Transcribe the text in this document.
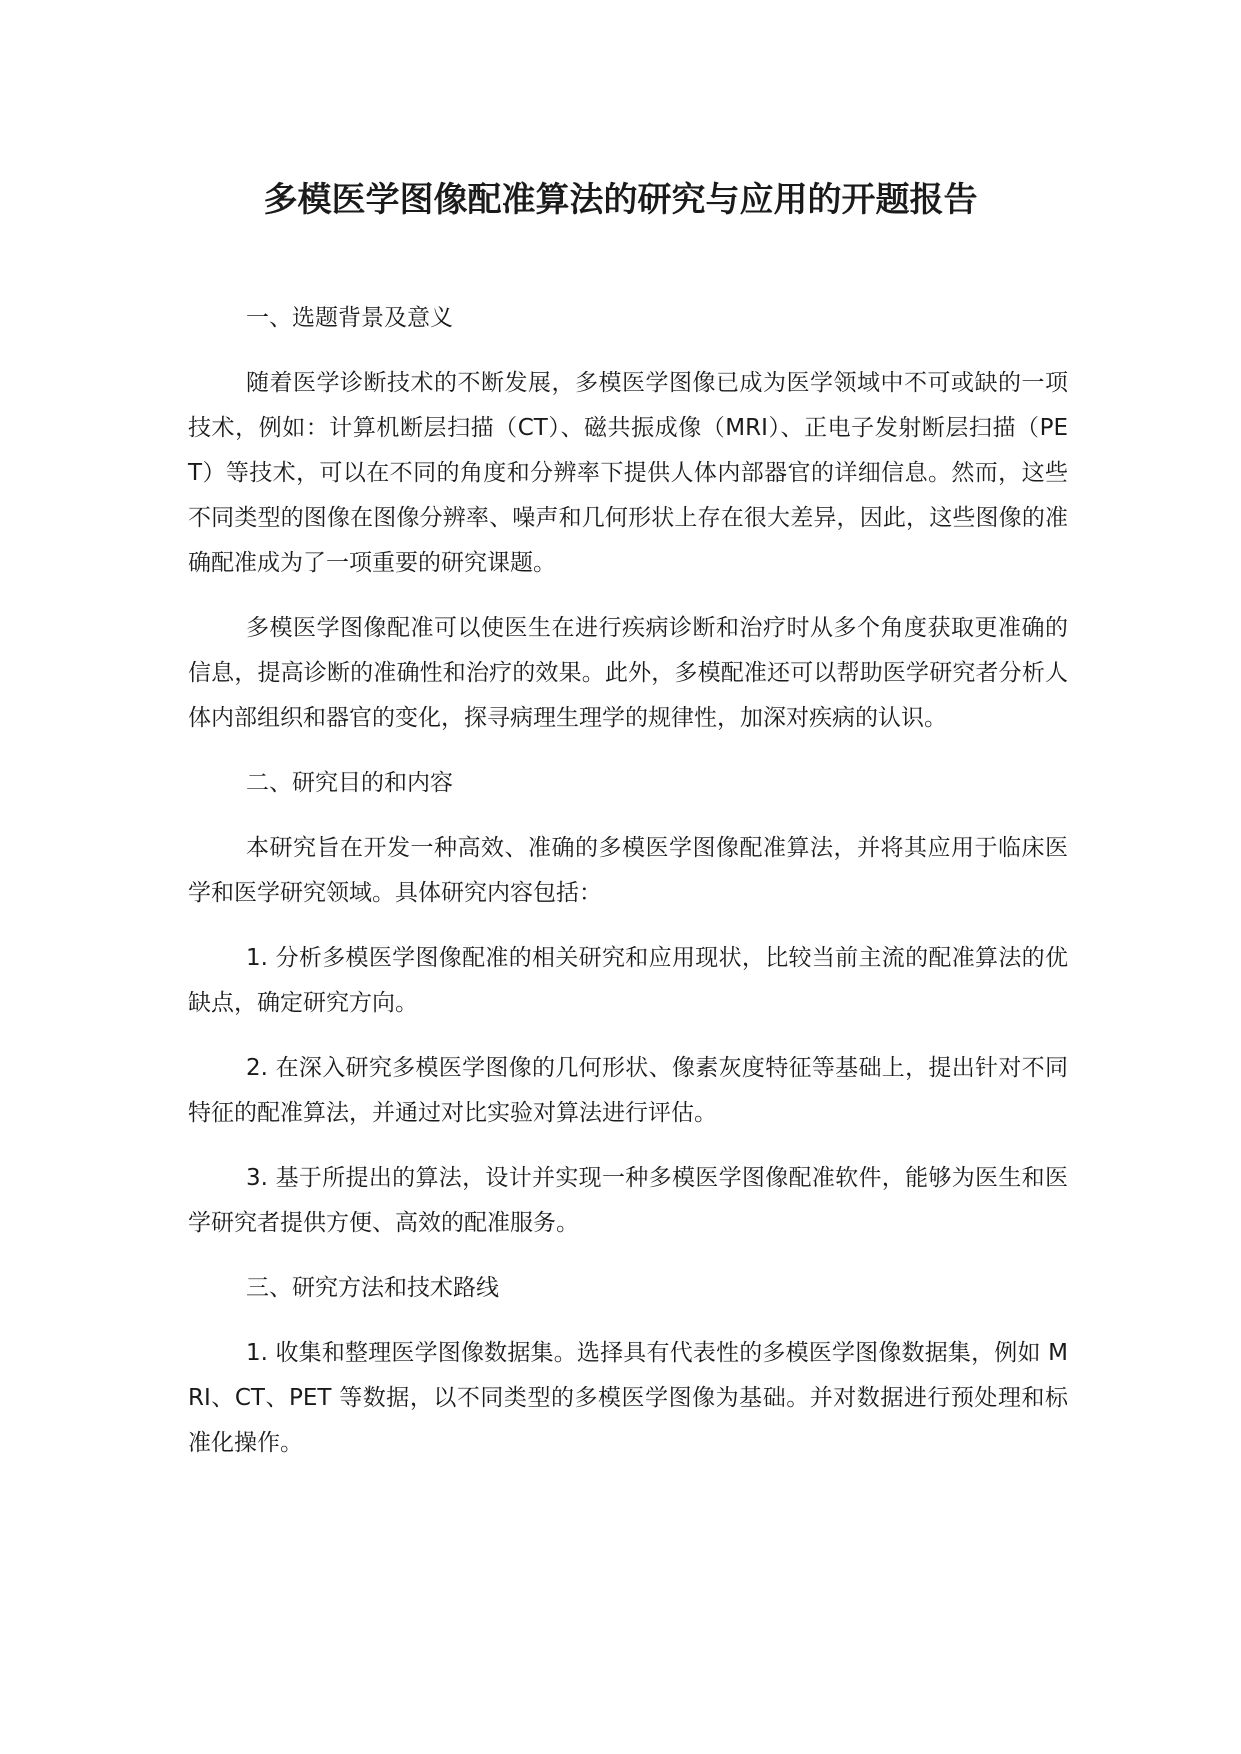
多模医学图像配准算法的研究与应用的开题报告
一、选题背景及意义

随着医学诊断技术的不断发展，多模医学图像已成为医学领域中不可或缺的一项技术，例如：计算机断层扫描（CT）、磁共振成像（MRI）、正电子发射断层扫描（PET）等技术，可以在不同的角度和分辨率下提供人体内部器官的详细信息。然而，这些不同类型的图像在图像分辨率、噪声和几何形状上存在很大差异，因此，这些图像的准确配准成为了一项重要的研究课题。

多模医学图像配准可以使医生在进行疾病诊断和治疗时从多个角度获取更准确的信息，提高诊断的准确性和治疗的效果。此外，多模配准还可以帮助医学研究者分析人体内部组织和器官的变化，探寻病理生理学的规律性，加深对疾病的认识。

二、研究目的和内容

本研究旨在开发一种高效、准确的多模医学图像配准算法，并将其应用于临床医学和医学研究领域。具体研究内容包括：

1. 分析多模医学图像配准的相关研究和应用现状，比较当前主流的配准算法的优缺点，确定研究方向。

2. 在深入研究多模医学图像的几何形状、像素灰度特征等基础上，提出针对不同特征的配准算法，并通过对比实验对算法进行评估。

3. 基于所提出的算法，设计并实现一种多模医学图像配准软件，能够为医生和医学研究者提供方便、高效的配准服务。

三、研究方法和技术路线

1. 收集和整理医学图像数据集。选择具有代表性的多模医学图像数据集，例如 MRI、CT、PET 等数据，以不同类型的多模医学图像为基础。并对数据进行预处理和标准化操作。
